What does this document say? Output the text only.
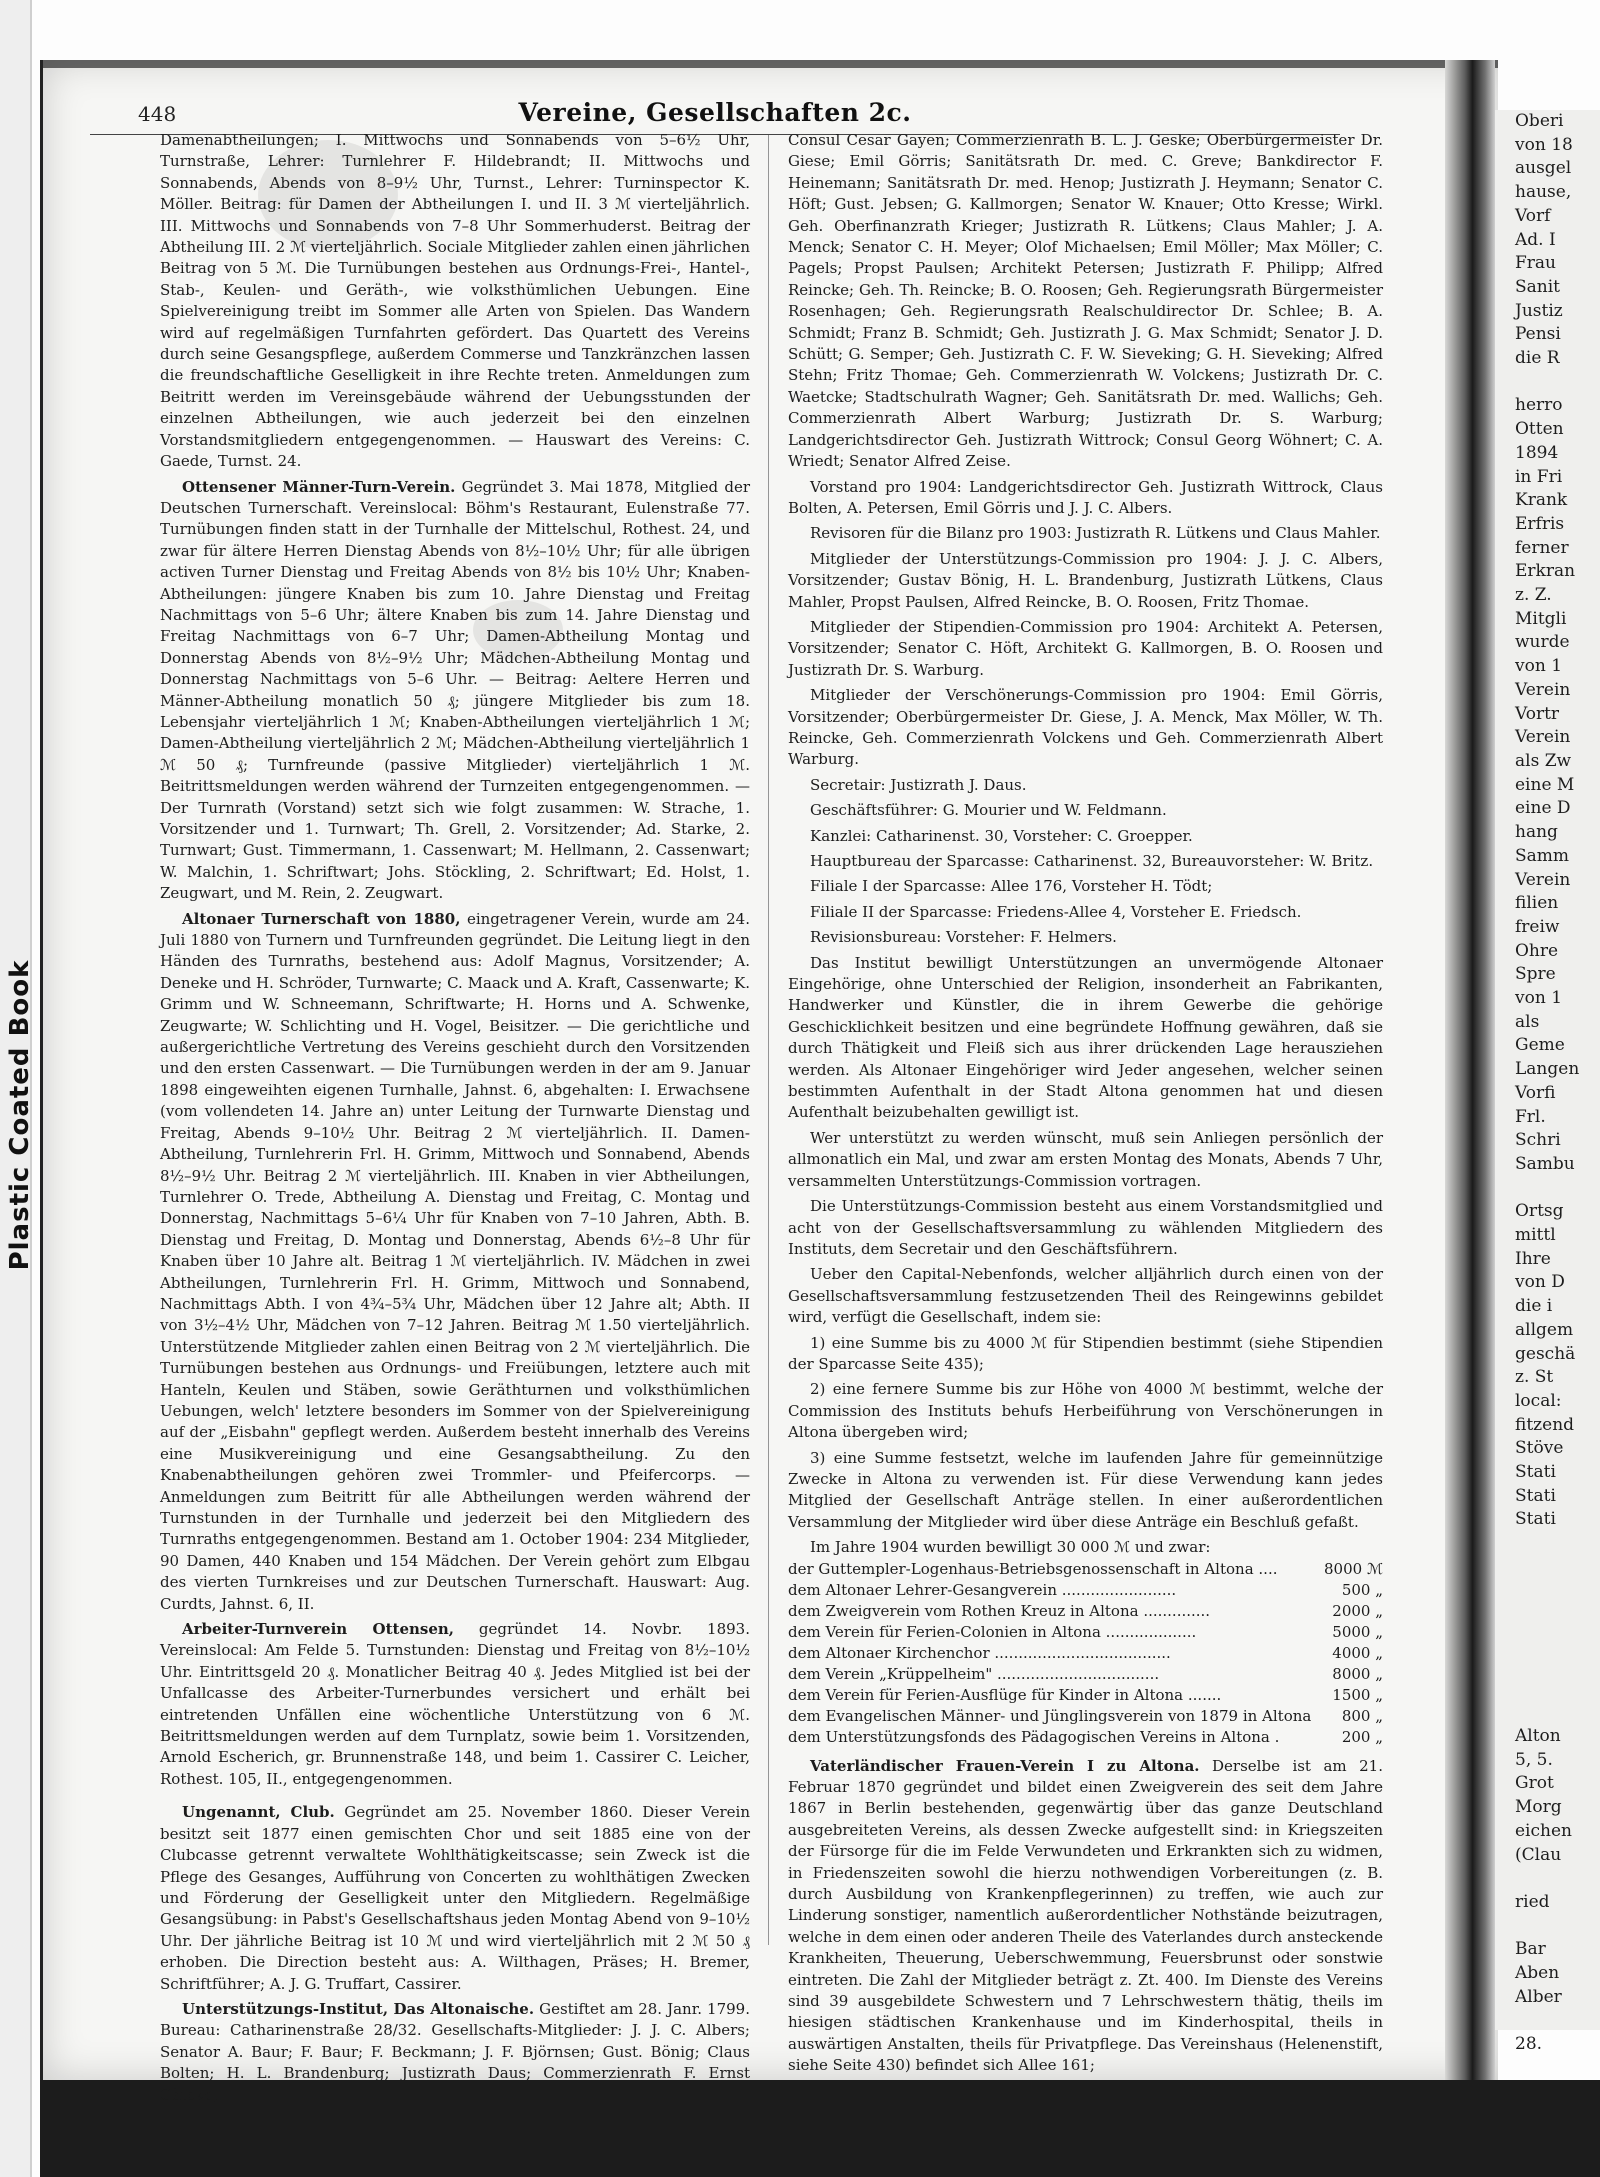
Plastic Coated Book
Oberi
von 18
ausgel
hause,
Vorf
Ad. I
Frau
Sanit
Justiz
Pensi
die R

herro
Otten
1894
in Fri
Krank
Erfris
ferner
Erkran
z. Z.
Mitgli
wurde
von 1
Verein
Vortr
Verein
als Zw
eine M
eine D
hang
Samm
Verein
filien
freiw
Ohre
Spre
von 1
als
Geme
Langen
Vorfi
Frl.
Schri
Sambu

Ortsg
mittl
Ihre
von D
die i
allgem
geschä
z. St
local:
fitzend
Stöve
Stati
Stati
Stati
Alton
5, 5.
Grot
Morg
eichen
(Clau

ried

Bar
Aben
Alber

28.
448	Vereine, Gesellschaften 2c.

Damenabtheilungen; I. Mittwochs und Sonnabends von 5–6½ Uhr, Turnstraße, Lehrer: Turnlehrer F. Hildebrandt; II. Mittwochs und Sonnabends, Abends von 8–9½ Uhr, Turnst., Lehrer: Turninspector K. Möller. Beitrag: für Damen der Abtheilungen I. und II. 3 ℳ vierteljährlich. III. Mittwochs und Sonnabends von 7–8 Uhr Sommerhuderst. Beitrag der Abtheilung III. 2 ℳ vierteljährlich. Sociale Mitglieder zahlen einen jährlichen Beitrag von 5 ℳ. Die Turnübungen bestehen aus Ordnungs-Frei-, Hantel-, Stab-, Keulen- und Geräth-, wie volksthümlichen Uebungen. Eine Spielvereinigung treibt im Sommer alle Arten von Spielen. Das Wandern wird auf regelmäßigen Turnfahrten gefördert. Das Quartett des Vereins durch seine Gesangspflege, außerdem Commerse und Tanzkränzchen lassen die freundschaftliche Geselligkeit in ihre Rechte treten. Anmeldungen zum Beitritt werden im Vereinsgebäude während der Uebungsstunden der einzelnen Abtheilungen, wie auch jederzeit bei den einzelnen Vorstandsmitgliedern entgegengenommen. — Hauswart des Vereins: C. Gaede, Turnst. 24.

Ottensener Männer-Turn-Verein. Gegründet 3. Mai 1878, Mitglied der Deutschen Turnerschaft. Vereinslocal: Böhm's Restaurant, Eulenstraße 77. Turnübungen finden statt in der Turnhalle der Mittelschul, Rothest. 24, und zwar für ältere Herren Dienstag Abends von 8½–10½ Uhr; für alle übrigen activen Turner Dienstag und Freitag Abends von 8½ bis 10½ Uhr; Knaben-Abtheilungen: jüngere Knaben bis zum 10. Jahre Dienstag und Freitag Nachmittags von 5–6 Uhr; ältere Knaben bis zum 14. Jahre Dienstag und Freitag Nachmittags von 6–7 Uhr; Damen-Abtheilung Montag und Donnerstag Abends von 8½–9½ Uhr; Mädchen-Abtheilung Montag und Donnerstag Nachmittags von 5–6 Uhr. — Beitrag: Aeltere Herren und Männer-Abtheilung monatlich 50 ₰; jüngere Mitglieder bis zum 18. Lebensjahr vierteljährlich 1 ℳ; Knaben-Abtheilungen vierteljährlich 1 ℳ; Damen-Abtheilung vierteljährlich 2 ℳ; Mädchen-Abtheilung vierteljährlich 1 ℳ 50 ₰; Turnfreunde (passive Mitglieder) vierteljährlich 1 ℳ. Beitrittsmeldungen werden während der Turnzeiten entgegengenommen. — Der Turnrath (Vorstand) setzt sich wie folgt zusammen: W. Strache, 1. Vorsitzender und 1. Turnwart; Th. Grell, 2. Vorsitzender; Ad. Starke, 2. Turnwart; Gust. Timmermann, 1. Cassenwart; M. Hellmann, 2. Cassenwart; W. Malchin, 1. Schriftwart; Johs. Stöckling, 2. Schriftwart; Ed. Holst, 1. Zeugwart, und M. Rein, 2. Zeugwart.

Altonaer Turnerschaft von 1880, eingetragener Verein, wurde am 24. Juli 1880 von Turnern und Turnfreunden gegründet. Die Leitung liegt in den Händen des Turnraths, bestehend aus: Adolf Magnus, Vorsitzender; A. Deneke und H. Schröder, Turnwarte; C. Maack und A. Kraft, Cassenwarte; K. Grimm und W. Schneemann, Schriftwarte; H. Horns und A. Schwenke, Zeugwarte; W. Schlichting und H. Vogel, Beisitzer. — Die gerichtliche und außergerichtliche Vertretung des Vereins geschieht durch den Vorsitzenden und den ersten Cassenwart. — Die Turnübungen werden in der am 9. Januar 1898 eingeweihten eigenen Turnhalle, Jahnst. 6, abgehalten: I. Erwachsene (vom vollendeten 14. Jahre an) unter Leitung der Turnwarte Dienstag und Freitag, Abends 9–10½ Uhr. Beitrag 2 ℳ vierteljährlich. II. Damen-Abtheilung, Turnlehrerin Frl. H. Grimm, Mittwoch und Sonnabend, Abends 8½–9½ Uhr. Beitrag 2 ℳ vierteljährlich. III. Knaben in vier Abtheilungen, Turnlehrer O. Trede, Abtheilung A. Dienstag und Freitag, C. Montag und Donnerstag, Nachmittags 5–6¼ Uhr für Knaben von 7–10 Jahren, Abth. B. Dienstag und Freitag, D. Montag und Donnerstag, Abends 6½–8 Uhr für Knaben über 10 Jahre alt. Beitrag 1 ℳ vierteljährlich. IV. Mädchen in zwei Abtheilungen, Turnlehrerin Frl. H. Grimm, Mittwoch und Sonnabend, Nachmittags Abth. I von 4¾–5¾ Uhr, Mädchen über 12 Jahre alt; Abth. II von 3½–4½ Uhr, Mädchen von 7–12 Jahren. Beitrag ℳ 1.50 vierteljährlich. Unterstützende Mitglieder zahlen einen Beitrag von 2 ℳ vierteljährlich. Die Turnübungen bestehen aus Ordnungs- und Freiübungen, letztere auch mit Hanteln, Keulen und Stäben, sowie Geräthturnen und volksthümlichen Uebungen, welch' letztere besonders im Sommer von der Spielvereinigung auf der „Eisbahn" gepflegt werden. Außerdem besteht innerhalb des Vereins eine Musikvereinigung und eine Gesangsabtheilung. Zu den Knabenabtheilungen gehören zwei Trommler- und Pfeifercorps. — Anmeldungen zum Beitritt für alle Abtheilungen werden während der Turnstunden in der Turnhalle und jederzeit bei den Mitgliedern des Turnraths entgegengenommen. Bestand am 1. October 1904: 234 Mitglieder, 90 Damen, 440 Knaben und 154 Mädchen. Der Verein gehört zum Elbgau des vierten Turnkreises und zur Deutschen Turnerschaft. Hauswart: Aug. Curdts, Jahnst. 6, II.

Arbeiter-Turnverein Ottensen, gegründet 14. Novbr. 1893. Vereinslocal: Am Felde 5. Turnstunden: Dienstag und Freitag von 8½–10½ Uhr. Eintrittsgeld 20 ₰. Monatlicher Beitrag 40 ₰. Jedes Mitglied ist bei der Unfallcasse des Arbeiter-Turnerbundes versichert und erhält bei eintretenden Unfällen eine wöchentliche Unterstützung von 6 ℳ. Beitrittsmeldungen werden auf dem Turnplatz, sowie beim 1. Vorsitzenden, Arnold Escherich, gr. Brunnenstraße 148, und beim 1. Cassirer C. Leicher, Rothest. 105, II., entgegengenommen.

Ungenannt, Club. Gegründet am 25. November 1860. Dieser Verein besitzt seit 1877 einen gemischten Chor und seit 1885 eine von der Clubcasse getrennt verwaltete Wohlthätigkeitscasse; sein Zweck ist die Pflege des Gesanges, Aufführung von Concerten zu wohlthätigen Zwecken und Förderung der Geselligkeit unter den Mitgliedern. Regelmäßige Gesangsübung: in Pabst's Gesellschaftshaus jeden Montag Abend von 9–10½ Uhr. Der jährliche Beitrag ist 10 ℳ und wird vierteljährlich mit 2 ℳ 50 ₰ erhoben. Die Direction besteht aus: A. Wilthagen, Präses; H. Bremer, Schriftführer; A. J. G. Truffart, Cassirer.

Unterstützungs-Institut, Das Altonaische. Gestiftet am 28. Janr. 1799. Bureau: Catharinenstraße 28/32. Gesellschafts-Mitglieder: J. J. C. Albers; Senator A. Baur; F. Baur; F. Beckmann; J. F. Björnsen; Gust. Bönig; Claus Bolten; H. L. Brandenburg; Justizrath Daus; Commerzienrath F. Ernst Gätcke;

Consul Cesar Gayen; Commerzienrath B. L. J. Geske; Oberbürgermeister Dr. Giese; Emil Görris; Sanitätsrath Dr. med. C. Greve; Bankdirector F. Heinemann; Sanitätsrath Dr. med. Henop; Justizrath J. Heymann; Senator C. Höft; Gust. Jebsen; G. Kallmorgen; Senator W. Knauer; Otto Kresse; Wirkl. Geh. Oberfinanzrath Krieger; Justizrath R. Lütkens; Claus Mahler; J. A. Menck; Senator C. H. Meyer; Olof Michaelsen; Emil Möller; Max Möller; C. Pagels; Propst Paulsen; Architekt Petersen; Justizrath F. Philipp; Alfred Reincke; Geh. Th. Reincke; B. O. Roosen; Geh. Regierungsrath Bürgermeister Rosenhagen; Geh. Regierungsrath Realschuldirector Dr. Schlee; B. A. Schmidt; Franz B. Schmidt; Geh. Justizrath J. G. Max Schmidt; Senator J. D. Schütt; G. Semper; Geh. Justizrath C. F. W. Sieveking; G. H. Sieveking; Alfred Stehn; Fritz Thomae; Geh. Commerzienrath W. Volckens; Justizrath Dr. C. Waetcke; Stadtschulrath Wagner; Geh. Sanitätsrath Dr. med. Wallichs; Geh. Commerzienrath Albert Warburg; Justizrath Dr. S. Warburg; Landgerichtsdirector Geh. Justizrath Wittrock; Consul Georg Wöhnert; C. A. Wriedt; Senator Alfred Zeise.

Vorstand pro 1904: Landgerichtsdirector Geh. Justizrath Wittrock, Claus Bolten, A. Petersen, Emil Görris und J. J. C. Albers.

Revisoren für die Bilanz pro 1903: Justizrath R. Lütkens und Claus Mahler.

Mitglieder der Unterstützungs-Commission pro 1904: J. J. C. Albers, Vorsitzender; Gustav Bönig, H. L. Brandenburg, Justizrath Lütkens, Claus Mahler, Propst Paulsen, Alfred Reincke, B. O. Roosen, Fritz Thomae.

Mitglieder der Stipendien-Commission pro 1904: Architekt A. Petersen, Vorsitzender; Senator C. Höft, Architekt G. Kallmorgen, B. O. Roosen und Justizrath Dr. S. Warburg.

Mitglieder der Verschönerungs-Commission pro 1904: Emil Görris, Vorsitzender; Oberbürgermeister Dr. Giese, J. A. Menck, Max Möller, W. Th. Reincke, Geh. Commerzienrath Volckens und Geh. Commerzienrath Albert Warburg.

Secretair: Justizrath J. Daus.

Geschäftsführer: G. Mourier und W. Feldmann.

Kanzlei: Catharinenst. 30, Vorsteher: C. Groepper.

Hauptbureau der Sparcasse: Catharinenst. 32, Bureauvorsteher: W. Britz.

Filiale I der Sparcasse: Allee 176, Vorsteher H. Tödt;

Filiale II der Sparcasse: Friedens-Allee 4, Vorsteher E. Friedsch.

Revisionsbureau: Vorsteher: F. Helmers.

Das Institut bewilligt Unterstützungen an unvermögende Altonaer Eingehörige, ohne Unterschied der Religion, insonderheit an Fabrikanten, Handwerker und Künstler, die in ihrem Gewerbe die gehörige Geschicklichkeit besitzen und eine begründete Hoffnung gewähren, daß sie durch Thätigkeit und Fleiß sich aus ihrer drückenden Lage herausziehen werden. Als Altonaer Eingehöriger wird Jeder angesehen, welcher seinen bestimmten Aufenthalt in der Stadt Altona genommen hat und diesen Aufenthalt beizubehalten gewilligt ist.

Wer unterstützt zu werden wünscht, muß sein Anliegen persönlich der allmonatlich ein Mal, und zwar am ersten Montag des Monats, Abends 7 Uhr, versammelten Unterstützungs-Commission vortragen.

Die Unterstützungs-Commission besteht aus einem Vorstandsmitglied und acht von der Gesellschaftsversammlung zu wählenden Mitgliedern des Instituts, dem Secretair und den Geschäftsführern.

Ueber den Capital-Nebenfonds, welcher alljährlich durch einen von der Gesellschaftsversammlung festzusetzenden Theil des Reingewinns gebildet wird, verfügt die Gesellschaft, indem sie:

1) eine Summe bis zu 4000 ℳ für Stipendien bestimmt (siehe Stipendien der Sparcasse Seite 435);

2) eine fernere Summe bis zur Höhe von 4000 ℳ bestimmt, welche der Commission des Instituts behufs Herbeiführung von Verschönerungen in Altona übergeben wird;

3) eine Summe festsetzt, welche im laufenden Jahre für gemeinnützige Zwecke in Altona zu verwenden ist. Für diese Verwendung kann jedes Mitglied der Gesellschaft Anträge stellen. In einer außerordentlichen Versammlung der Mitglieder wird über diese Anträge ein Beschluß gefaßt.

Im Jahre 1904 wurden bewilligt 30 000 ℳ und zwar:

der Guttempler-Logenhaus-Betriebsgenossenschaft in Altona ....	8000 ℳ
dem Altonaer Lehrer-Gesangverein ........................	500 „
dem Zweigverein vom Rothen Kreuz in Altona ..............	2000 „
dem Verein für Ferien-Colonien in Altona ...................	5000 „
dem Altonaer Kirchenchor .....................................	4000 „
dem Verein „Krüppelheim" ..................................	8000 „
dem Verein für Ferien-Ausflüge für Kinder in Altona .......	1500 „
dem Evangelischen Männer- und Jünglingsverein von 1879 in Altona	800 „
dem Unterstützungsfonds des Pädagogischen Vereins in Altona .	200 „

Vaterländischer Frauen-Verein I zu Altona. Derselbe ist am 21. Februar 1870 gegründet und bildet einen Zweigverein des seit dem Jahre 1867 in Berlin bestehenden, gegenwärtig über das ganze Deutschland ausgebreiteten Vereins, als dessen Zwecke aufgestellt sind: in Kriegszeiten der Fürsorge für die im Felde Verwundeten und Erkrankten sich zu widmen, in Friedenszeiten sowohl die hierzu nothwendigen Vorbereitungen (z. B. durch Ausbildung von Krankenpflegerinnen) zu treffen, wie auch zur Linderung sonstiger, namentlich außerordentlicher Nothstände beizutragen, welche in dem einen oder anderen Theile des Vaterlandes durch ansteckende Krankheiten, Theuerung, Ueberschwemmung, Feuersbrunst oder sonstwie eintreten. Die Zahl der Mitglieder beträgt z. Zt. 400. Im Dienste des Vereins sind 39 ausgebildete Schwestern und 7 Lehrschwestern thätig, theils im hiesigen städtischen Krankenhause und im Kinderhospital, theils in auswärtigen Anstalten, theils für Privatpflege. Das Vereinshaus (Helenenstift, siehe Seite 430) befindet sich Allee 161;
